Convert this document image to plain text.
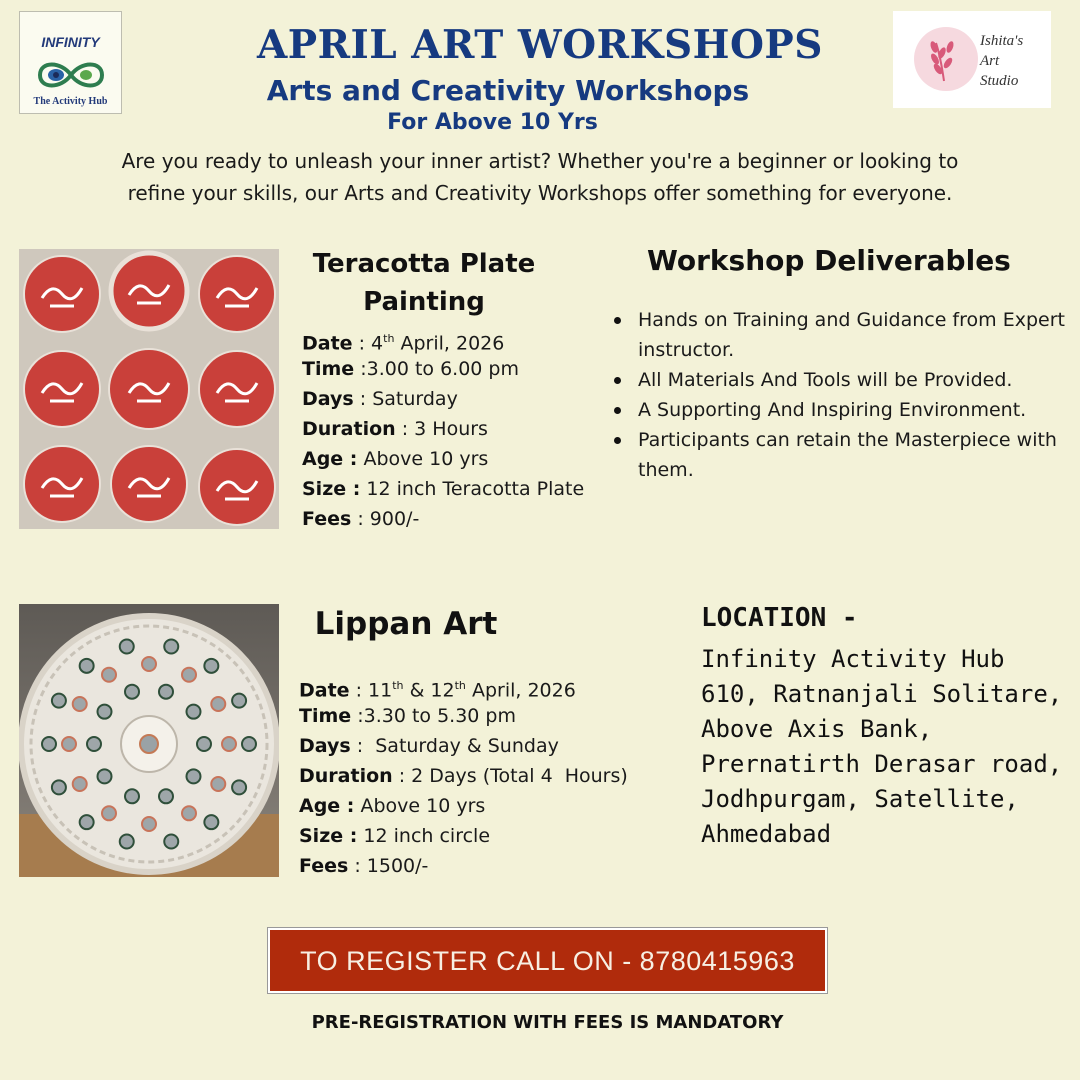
INFINITY
The Activity Hub
Ishita's
Art
Studio
APRIL ART WORKSHOPS
Arts and Creativity Workshops
For Above 10 Yrs
Are you ready to unleash your inner artist? Whether you're a beginner or looking to refine your skills, our Arts and Creativity Workshops offer something for everyone.
Teracotta Plate
Painting
Date : 4th April, 2026
Time :3.00 to 6.00 pm
Days : Saturday
Duration : 3 Hours
Age : Above 10 yrs
Size : 12 inch Teracotta Plate
Fees : 900/-
Workshop Deliverables
Hands on Training and Guidance from Expert instructor.
All Materials And Tools will be Provided.
A Supporting And Inspiring Environment.
Participants can retain the Masterpiece with them.
Lippan Art
Date : 11th & 12th April, 2026
Time :3.30 to 5.30 pm
Days :  Saturday & Sunday
Duration : 2 Days (Total 4  Hours)
Age : Above 10 yrs
Size : 12 inch circle
Fees : 1500/-
LOCATION -
Infinity Activity Hub
610, Ratnanjali Solitare,
Above Axis Bank,
Prernatirth Derasar road,
Jodhpurgam, Satellite,
Ahmedabad
TO REGISTER CALL ON - 8780415963
PRE-REGISTRATION WITH FEES IS MANDATORY
